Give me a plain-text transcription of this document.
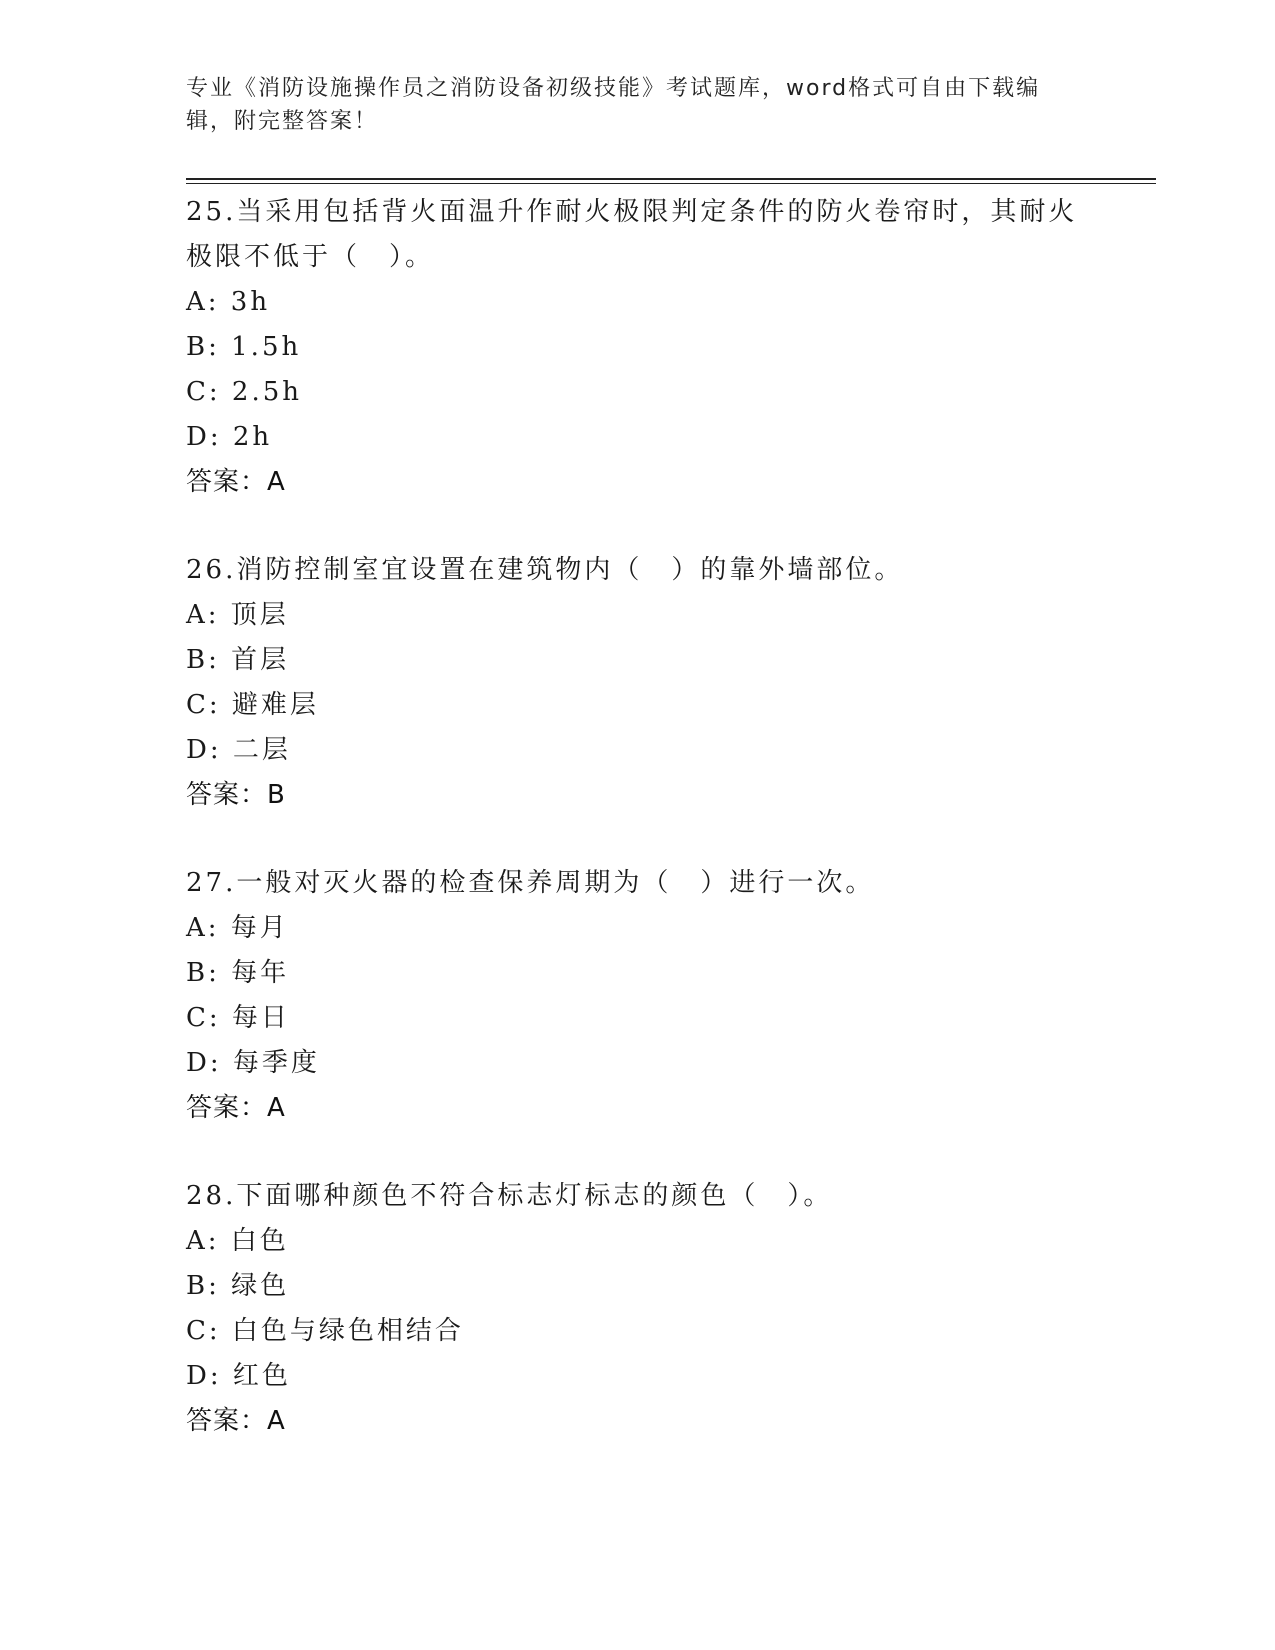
专业《消防设施操作员之消防设备初级技能》考试题库，word格式可自由下载编辑，附完整答案！

25.当采用包括背火面温升作耐火极限判定条件的防火卷帘时，其耐火极限不低于（　）。

A: 3h

B: 1.5h

C: 2.5h

D: 2h

答案：A

26.消防控制室宜设置在建筑物内（　）的靠外墙部位。

A: 顶层

B: 首层

C: 避难层

D: 二层

答案：B

27.一般对灭火器的检查保养周期为（　）进行一次。

A: 每月

B: 每年

C: 每日

D: 每季度

答案：A

28.下面哪种颜色不符合标志灯标志的颜色（　）。

A: 白色

B: 绿色

C: 白色与绿色相结合

D: 红色

答案：A
